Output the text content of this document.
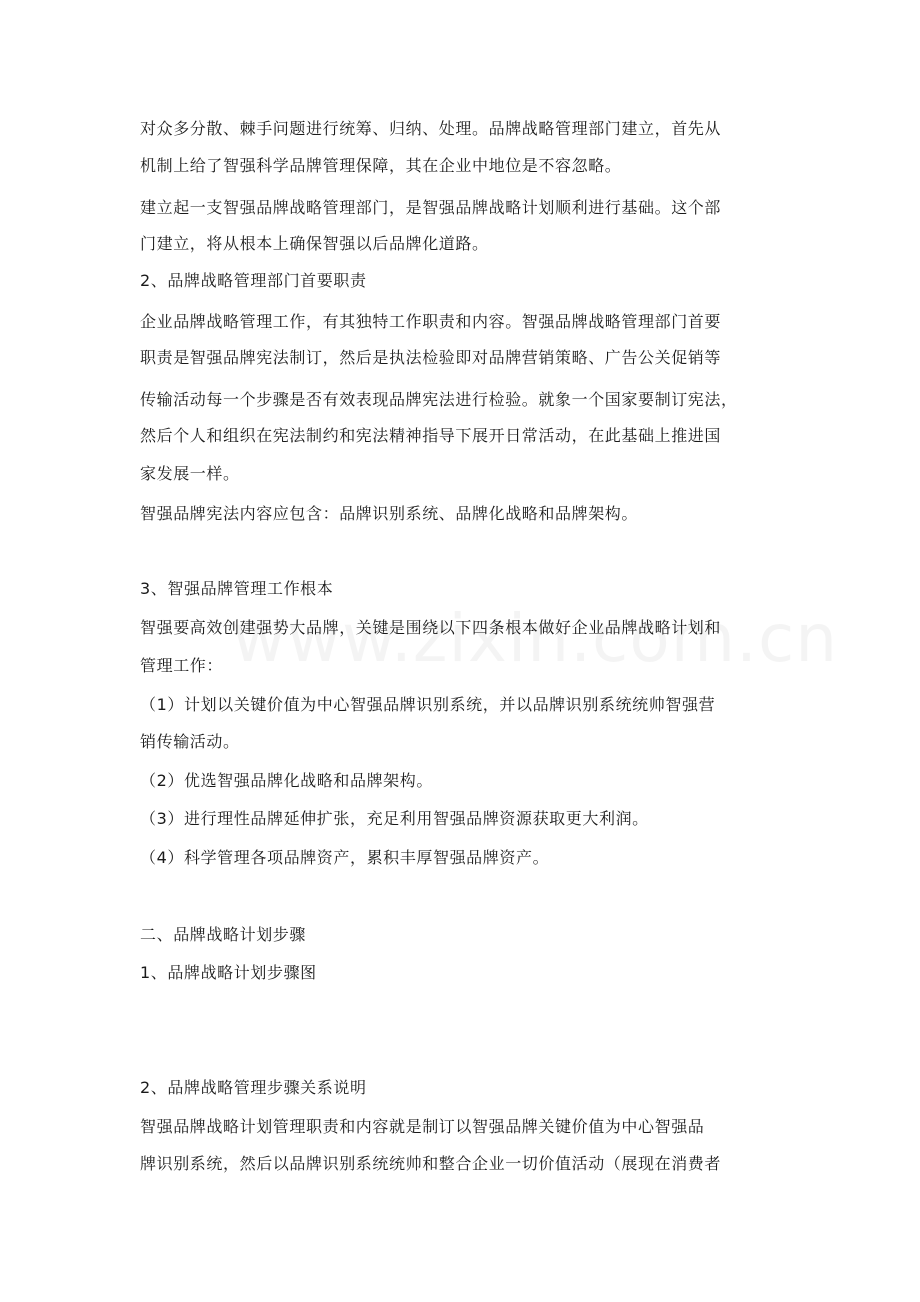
对众多分散、棘手问题进行统筹、归纳、处理。品牌战略管理部门建立，首先从
机制上给了智强科学品牌管理保障，其在企业中地位是不容忽略。
建立起一支智强品牌战略管理部门，是智强品牌战略计划顺利进行基础。这个部
门建立，将从根本上确保智强以后品牌化道路。
2、品牌战略管理部门首要职责
企业品牌战略管理工作，有其独特工作职责和内容。智强品牌战略管理部门首要
职责是智强品牌宪法制订，然后是执法检验即对品牌营销策略、广告公关促销等
传输活动每一个步骤是否有效表现品牌宪法进行检验。就象一个国家要制订宪法，
然后个人和组织在宪法制约和宪法精神指导下展开日常活动，在此基础上推进国
家发展一样。
智强品牌宪法内容应包含：品牌识别系统、品牌化战略和品牌架构。
3、智强品牌管理工作根本
智强要高效创建强势大品牌，关键是围绕以下四条根本做好企业品牌战略计划和
管理工作：
（1）计划以关键价值为中心智强品牌识别系统，并以品牌识别系统统帅智强营
销传输活动。
（2）优选智强品牌化战略和品牌架构。
（3）进行理性品牌延伸扩张，充足利用智强品牌资源获取更大利润。
（4）科学管理各项品牌资产，累积丰厚智强品牌资产。
二、品牌战略计划步骤
1、品牌战略计划步骤图
2、品牌战略管理步骤关系说明
智强品牌战略计划管理职责和内容就是制订以智强品牌关键价值为中心智强品
牌识别系统，然后以品牌识别系统统帅和整合企业一切价值活动（展现在消费者
